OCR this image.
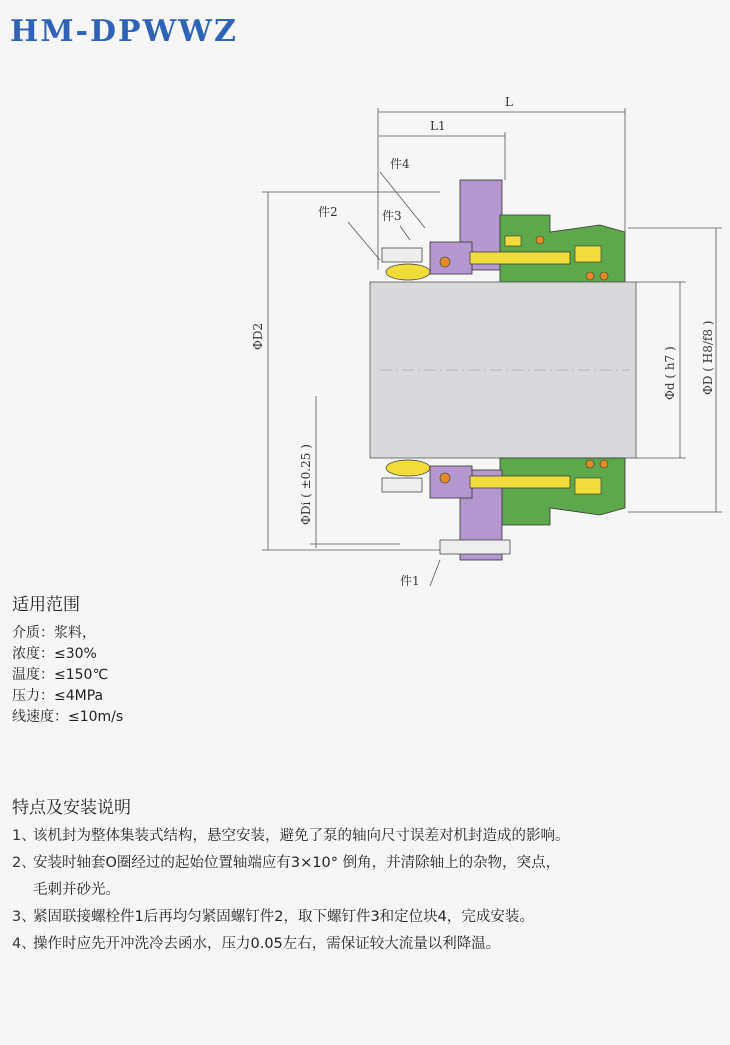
HM-DPWWZ
L
L1
件4
件2	件3
件1
ΦD2
ΦDi ( ±0.25 )
Φd ( h7 ) ΦD ( H8/f8 )
适用范围
介质：浆料，
浓度：≤30%
温度：≤150℃
压力：≤4MPa
线速度：≤10m/s
特点及安装说明
1、
该机封为整体集装式结构，悬空安装，避免了泵的轴向尺寸误差对机封造成的影响。
2、
安装时轴套O圈经过的起始位置轴端应有3×10° 倒角，并清除轴上的杂物，突点，毛刺并砂光。
3、
紧固联接螺栓件1后再均匀紧固螺钉件2，取下螺钉件3和定位块4，完成安装。
4、
操作时应先开冲洗冷去函水，压力0.05左右，需保证较大流量以利降温。
